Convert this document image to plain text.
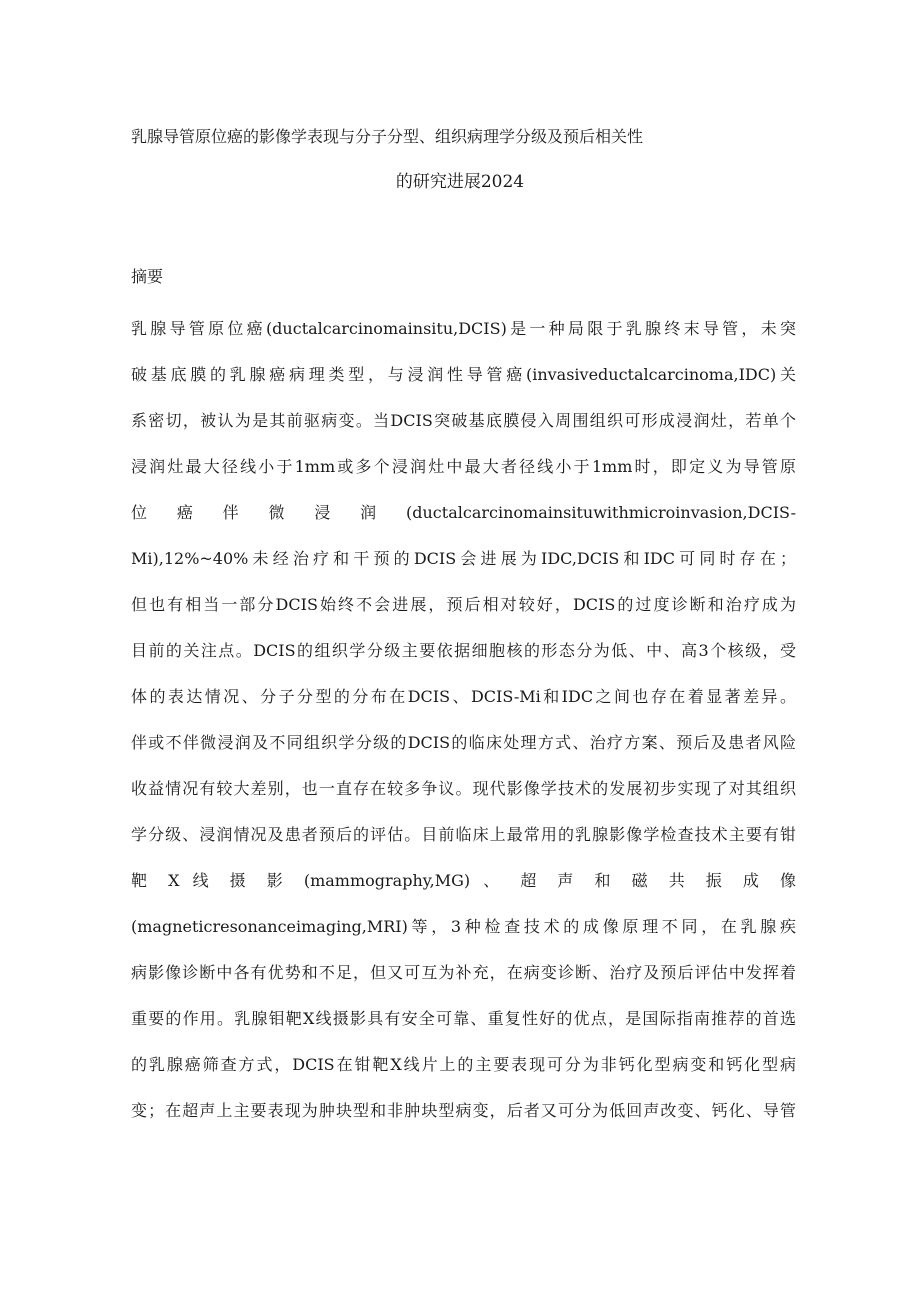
乳腺导管原位癌的影像学表现与分子分型、组织病理学分级及预后相关性
的研究进展2024
摘要
乳腺导管原位癌(ductalcarcinomainsitu,DCIS)是一种局限于乳腺终末导管，未突
破基底膜的乳腺癌病理类型，与浸润性导管癌(invasiveductalcarcinoma,IDC)关
系密切，被认为是其前驱病变。当DCIS突破基底膜侵入周围组织可形成浸润灶，若单个
浸润灶最大径线小于1mm或多个浸润灶中最大者径线小于1mm时，即定义为导管原
位 癌 伴 微 浸 润 (ductalcarcinomainsituwithmicroinvasion,DCIS-
Mi),12%~40%未经治疗和干预的DCIS会进展为IDC,DCIS和IDC可同时存在；
但也有相当一部分DCIS始终不会进展，预后相对较好，DCIS的过度诊断和治疗成为
目前的关注点。DCIS的组织学分级主要依据细胞核的形态分为低、中、高3个核级，受
体的表达情况、分子分型的分布在DCIS、DCIS-Mi和IDC之间也存在着显著差异。
伴或不伴微浸润及不同组织学分级的DCIS的临床处理方式、治疗方案、预后及患者风险
收益情况有较大差别，也一直存在较多争议。现代影像学技术的发展初步实现了对其组织
学分级、浸润情况及患者预后的评估。目前临床上最常用的乳腺影像学检查技术主要有钳
靶 X 线 摄 影 (mammography,MG) 、 超 声 和 磁 共 振 成 像
(magneticresonanceimaging,MRI)等，3种检查技术的成像原理不同，在乳腺疾
病影像诊断中各有优势和不足，但又可互为补充，在病变诊断、治疗及预后评估中发挥着
重要的作用。乳腺钼靶X线摄影具有安全可靠、重复性好的优点，是国际指南推荐的首选
的乳腺癌筛查方式，DCIS在钳靶X线片上的主要表现可分为非钙化型病变和钙化型病
变；在超声上主要表现为肿块型和非肿块型病变，后者又可分为低回声改变、钙化、导管
